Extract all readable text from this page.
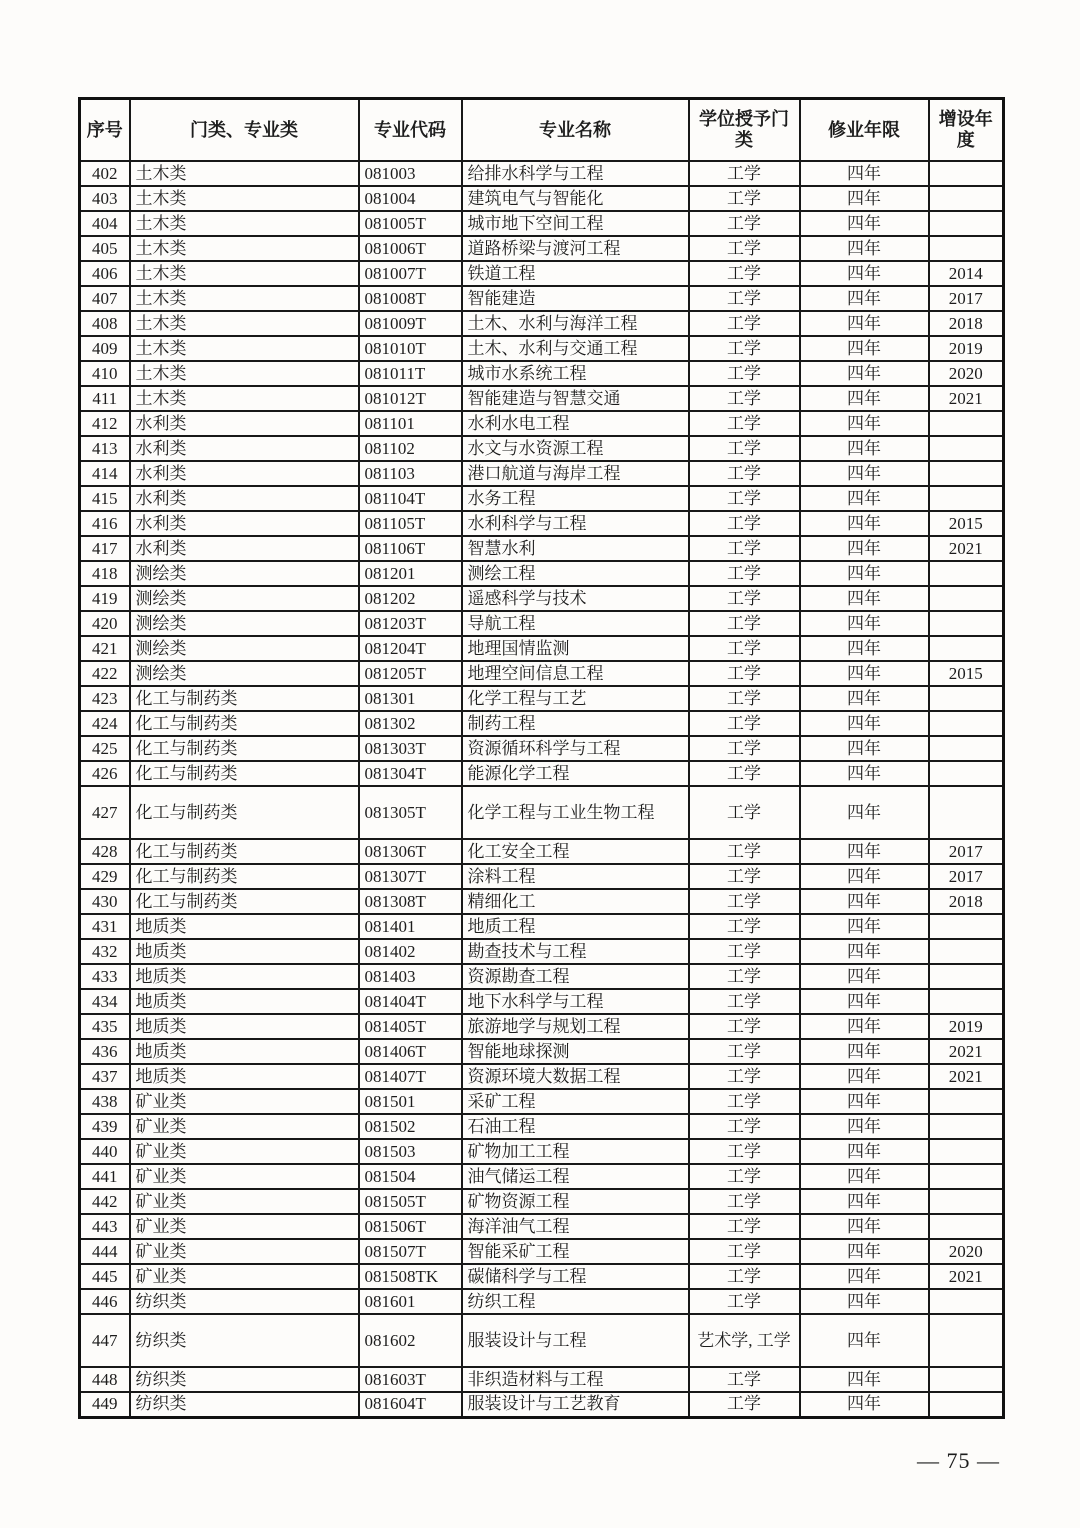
序号	门类、专业类	专业代码	专业名称	学位授予门类	修业年限	增设年度
402	土木类	081003	给排水科学与工程	工学	四年	
403	土木类	081004	建筑电气与智能化	工学	四年	
404	土木类	081005T	城市地下空间工程	工学	四年	
405	土木类	081006T	道路桥梁与渡河工程	工学	四年	
406	土木类	081007T	铁道工程	工学	四年	2014
407	土木类	081008T	智能建造	工学	四年	2017
408	土木类	081009T	土木、水利与海洋工程	工学	四年	2018
409	土木类	081010T	土木、水利与交通工程	工学	四年	2019
410	土木类	081011T	城市水系统工程	工学	四年	2020
411	土木类	081012T	智能建造与智慧交通	工学	四年	2021
412	水利类	081101	水利水电工程	工学	四年	
413	水利类	081102	水文与水资源工程	工学	四年	
414	水利类	081103	港口航道与海岸工程	工学	四年	
415	水利类	081104T	水务工程	工学	四年	
416	水利类	081105T	水利科学与工程	工学	四年	2015
417	水利类	081106T	智慧水利	工学	四年	2021
418	测绘类	081201	测绘工程	工学	四年	
419	测绘类	081202	遥感科学与技术	工学	四年	
420	测绘类	081203T	导航工程	工学	四年	
421	测绘类	081204T	地理国情监测	工学	四年	
422	测绘类	081205T	地理空间信息工程	工学	四年	2015
423	化工与制药类	081301	化学工程与工艺	工学	四年	
424	化工与制药类	081302	制药工程	工学	四年	
425	化工与制药类	081303T	资源循环科学与工程	工学	四年	
426	化工与制药类	081304T	能源化学工程	工学	四年	
427	化工与制药类	081305T	化学工程与工业生物工程	工学	四年	
428	化工与制药类	081306T	化工安全工程	工学	四年	2017
429	化工与制药类	081307T	涂料工程	工学	四年	2017
430	化工与制药类	081308T	精细化工	工学	四年	2018
431	地质类	081401	地质工程	工学	四年	
432	地质类	081402	勘查技术与工程	工学	四年	
433	地质类	081403	资源勘查工程	工学	四年	
434	地质类	081404T	地下水科学与工程	工学	四年	
435	地质类	081405T	旅游地学与规划工程	工学	四年	2019
436	地质类	081406T	智能地球探测	工学	四年	2021
437	地质类	081407T	资源环境大数据工程	工学	四年	2021
438	矿业类	081501	采矿工程	工学	四年	
439	矿业类	081502	石油工程	工学	四年	
440	矿业类	081503	矿物加工工程	工学	四年	
441	矿业类	081504	油气储运工程	工学	四年	
442	矿业类	081505T	矿物资源工程	工学	四年	
443	矿业类	081506T	海洋油气工程	工学	四年	
444	矿业类	081507T	智能采矿工程	工学	四年	2020
445	矿业类	081508TK	碳储科学与工程	工学	四年	2021
446	纺织类	081601	纺织工程	工学	四年	
447	纺织类	081602	服装设计与工程	艺术学, 工学	四年	
448	纺织类	081603T	非织造材料与工程	工学	四年	
449	纺织类	081604T	服装设计与工艺教育	工学	四年	
— 75 —
